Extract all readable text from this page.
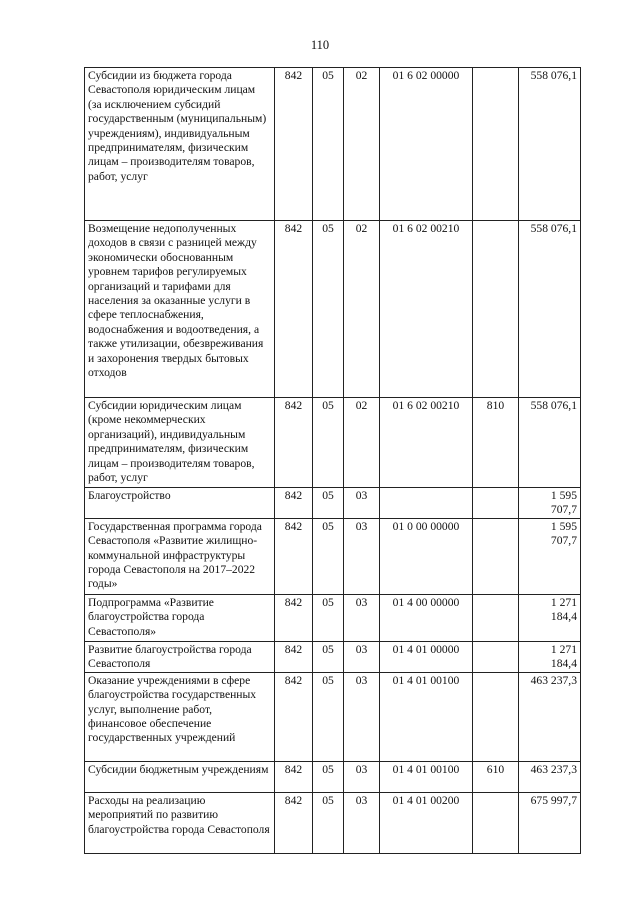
110
Субсидии из бюджета города Севастополя юридическим лицам (за исключением субсидий государственным (муниципальным) учреждениям), индивидуальным предпринимателям, физическим лицам – производителям товаров, работ, услуг	842	05	02	01 6 02 00000		558 076,1
Возмещение недополученных доходов в связи с разницей между экономически обоснованным уровнем тарифов регулируемых организаций и тарифами для населения за оказанные услуги в сфере теплоснабжения, водоснабжения и водоотведения, а также утилизации, обезвреживания и захоронения твердых бытовых отходов	842	05	02	01 6 02 00210		558 076,1
Субсидии юридическим лицам (кроме некоммерческих организаций), индивидуальным предпринимателям, физическим лицам – производителям товаров, работ, услуг	842	05	02	01 6 02 00210	810	558 076,1
Благоустройство	842	05	03			1 595 707,7
Государственная программа города Севастополя «Развитие жилищно-коммунальной инфраструктуры города Севастополя на 2017–2022 годы»	842	05	03	01 0 00 00000		1 595 707,7
Подпрограмма «Развитие благоустройства города Севастополя»	842	05	03	01 4 00 00000		1 271 184,4
Развитие благоустройства города Севастополя	842	05	03	01 4 01 00000		1 271 184,4
Оказание учреждениями в сфере благоустройства государственных услуг, выполнение работ, финансовое обеспечение государственных учреждений	842	05	03	01 4 01 00100		463 237,3
Субсидии бюджетным учреждениям	842	05	03	01 4 01 00100	610	463 237,3
Расходы на реализацию мероприятий по развитию благоустройства города Севастополя	842	05	03	01 4 01 00200		675 997,7
